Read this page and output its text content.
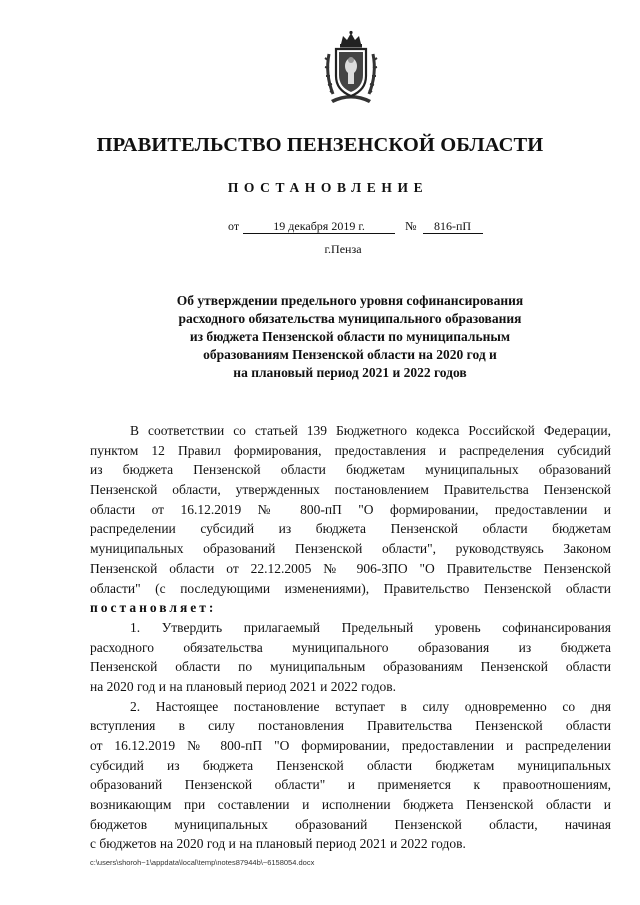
ПРАВИТЕЛЬСТВО ПЕНЗЕНСКОЙ ОБЛАСТИ
ПОСТАНОВЛЕНИЕ
от	19 декабря 2019 г.	№ 816-пП
г.Пенза
Об утверждении предельного уровня софинансирования
расходного обязательства муниципального образования
из бюджета Пензенской области по муниципальным
образованиям Пензенской области на 2020 год и
на плановый период 2021 и 2022 годов
В соответствии со статьей 139 Бюджетного кодекса Российской Федерации,
пунктом 12 Правил формирования, предоставления и распределения субсидий
из бюджета Пензенской области бюджетам муниципальных образований
Пензенской области, утвержденных постановлением Правительства Пензенской
области от 16.12.2019 № 800-пП "О формировании, предоставлении и
распределении субсидий из бюджета Пензенской области бюджетам
муниципальных образований Пензенской области", руководствуясь Законом
Пензенской области от 22.12.2005 № 906-ЗПО "О Правительстве Пензенской
области" (с последующими изменениями), Правительство Пензенской области
постановляет:
1. Утвердить прилагаемый Предельный уровень софинансирования
расходного обязательства муниципального образования из бюджета
Пензенской области по муниципальным образованиям Пензенской области
на 2020 год и на плановый период 2021 и 2022 годов.
2. Настоящее постановление вступает в силу одновременно со дня
вступления в силу постановления Правительства Пензенской области
от 16.12.2019 № 800-пП "О формировании, предоставлении и распределении
субсидий из бюджета Пензенской области бюджетам муниципальных
образований Пензенской области" и применяется к правоотношениям,
возникающим при составлении и исполнении бюджета Пензенской области и
бюджетов муниципальных образований Пензенской области, начиная
с бюджетов на 2020 год и на плановый период 2021 и 2022 годов.
c:\users\shoroh~1\appdata\local\temp\notes87944b\~6158054.docx
